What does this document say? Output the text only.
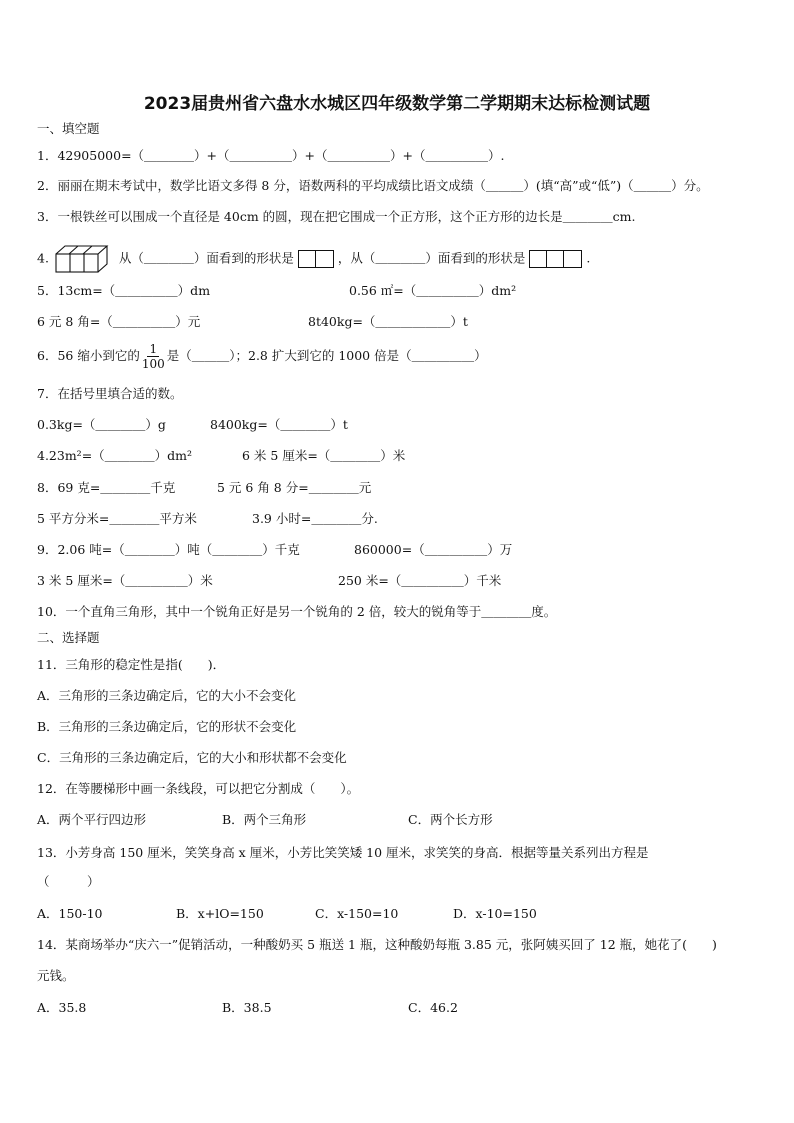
2023届贵州省六盘水水城区四年级数学第二学期期末达标检测试题
一、填空题
1．42905000=（＿＿＿＿）+（＿＿＿＿＿）+（＿＿＿＿＿）+（＿＿＿＿＿）.
2．丽丽在期末考试中，数学比语文多得 8 分，语数两科的平均成绩比语文成绩（＿＿＿）(填“高”或“低”)（＿＿＿）分。
3．一根铁丝可以围成一个直径是 40cm 的圆，现在把它围成一个正方形，这个正方形的边长是＿＿＿＿cm.
4.	从（＿＿＿＿）面看到的形状是	，从（＿＿＿＿）面看到的形状是	.
5．13cm=（＿＿＿＿＿）dm	0.56 ㎡=（＿＿＿＿＿）dm²
6 元 8 角=（＿＿＿＿＿）元	8t40kg=（＿＿＿＿＿＿）t
6．56 缩小到它的 $\frac{1}{100}$ 是（＿＿＿）；2.8 扩大到它的 1000 倍是（＿＿＿＿＿）
7．在括号里填合适的数。
0.3kg=（＿＿＿＿）g	8400kg=（＿＿＿＿）t
4.23m²=（＿＿＿＿）dm²	6 米 5 厘米=（＿＿＿＿）米
8．69 克=＿＿＿＿千克	5 元 6 角 8 分=＿＿＿＿元
5 平方分米=＿＿＿＿平方米	3.9 小时=＿＿＿＿分.
9．2.06 吨=（＿＿＿＿）吨（＿＿＿＿）千克	860000=（＿＿＿＿＿）万
3 米 5 厘米=（＿＿＿＿＿）米	250 米=（＿＿＿＿＿）千米
10．一个直角三角形，其中一个锐角正好是另一个锐角的 2 倍，较大的锐角等于＿＿＿＿度。
二、选择题
11．三角形的稳定性是指(　　)．
A．三角形的三条边确定后，它的大小不会变化
B．三角形的三条边确定后，它的形状不会变化
C．三角形的三条边确定后，它的大小和形状都不会变化
12．在等腰梯形中画一条线段，可以把它分割成（　　）。
A．两个平行四边形	B．两个三角形	C．两个长方形
13．小芳身高 150 厘米，笑笑身高 x 厘米，小芳比笑笑矮 10 厘米，求笑笑的身高．根据等量关系列出方程是
（　　　）
A．150-10	B．x+lO=150	C．x-150=10	D．x-10=150
14．某商场举办“庆六一”促销活动，一种酸奶买 5 瓶送 1 瓶，这种酸奶每瓶 3.85 元，张阿姨买回了 12 瓶，她花了(　　)
元钱。
A．35.8	B．38.5	C．46.2
